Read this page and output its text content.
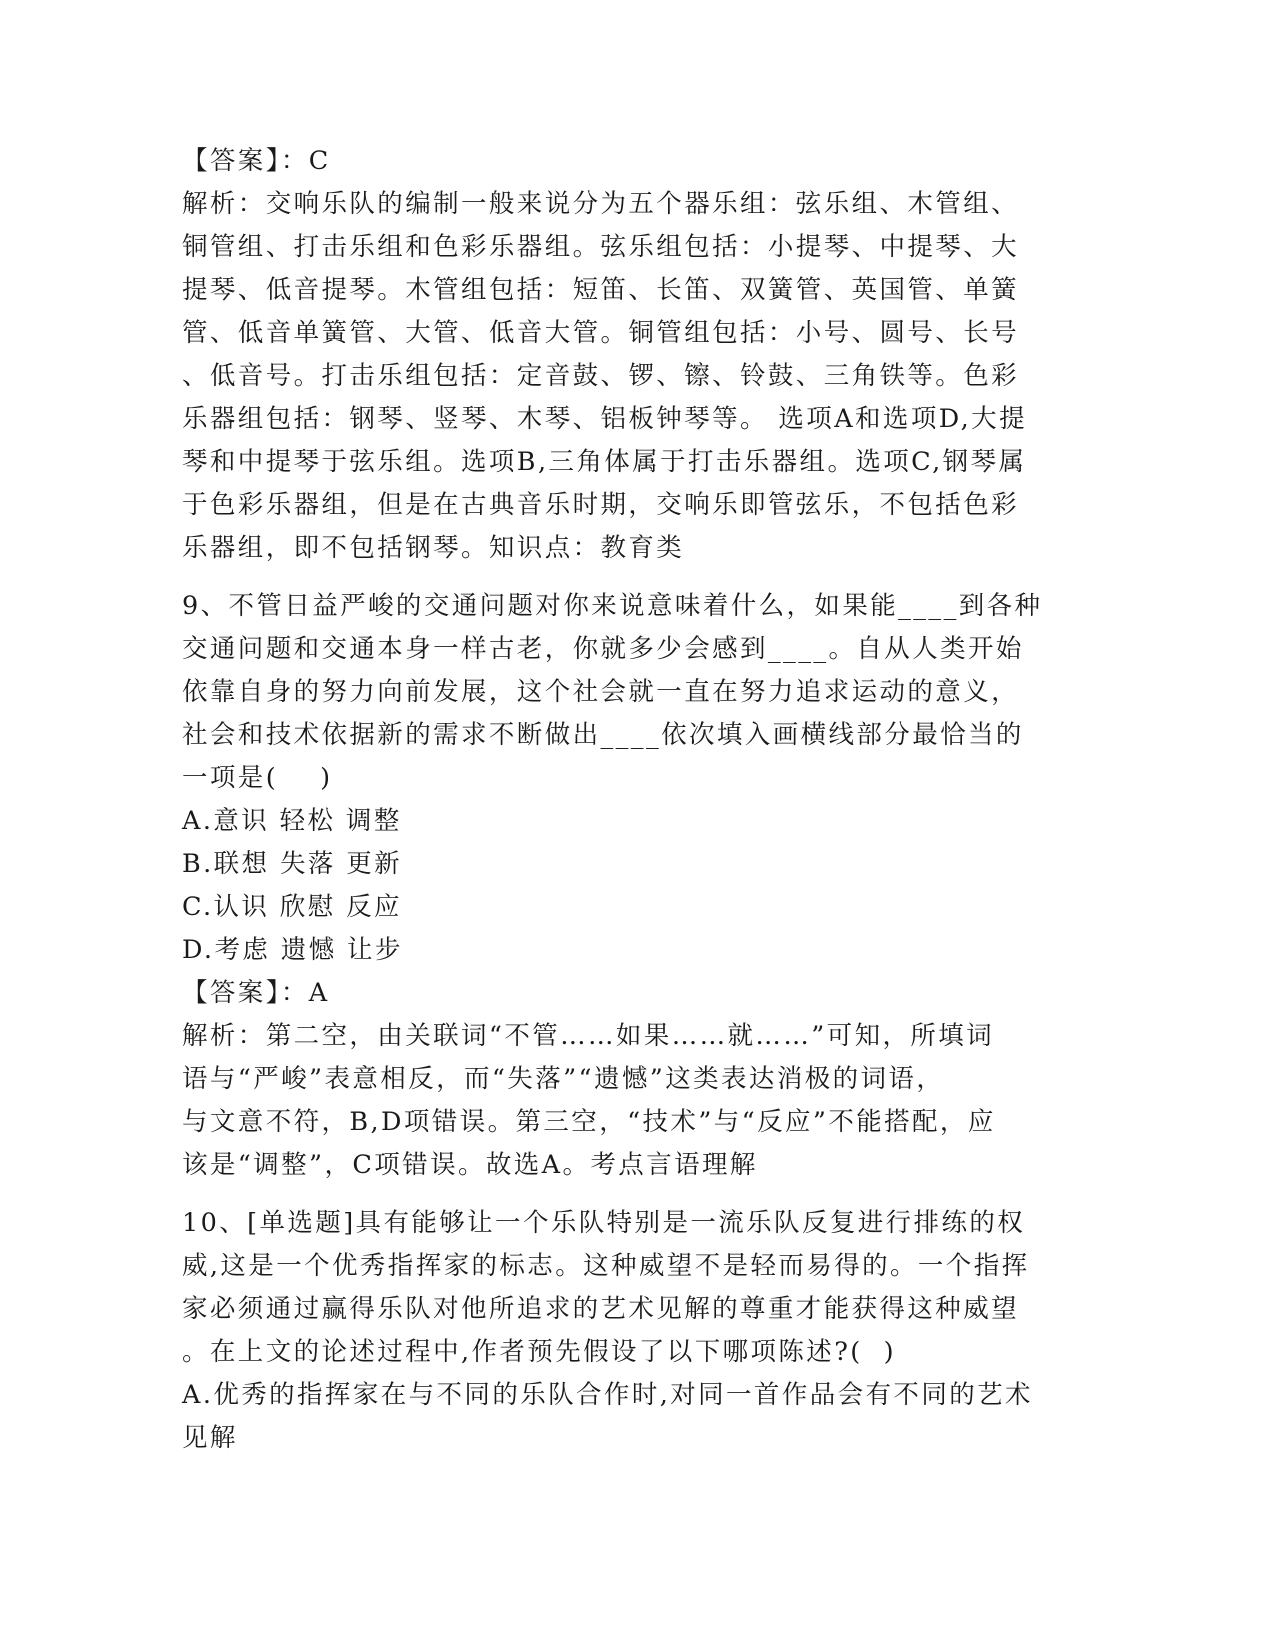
【答案】：C
解析：交响乐队的编制一般来说分为五个器乐组：弦乐组、木管组、
铜管组、打击乐组和色彩乐器组。弦乐组包括：小提琴、中提琴、大
提琴、低音提琴。木管组包括：短笛、长笛、双簧管、英国管、单簧
管、低音单簧管、大管、低音大管。铜管组包括：小号、圆号、长号
、低音号。打击乐组包括：定音鼓、锣、镲、铃鼓、三角铁等。色彩
乐器组包括：钢琴、竖琴、木琴、铝板钟琴等。 选项A和选项D,大提
琴和中提琴于弦乐组。选项B,三角体属于打击乐器组。选项C,钢琴属
于色彩乐器组，但是在古典音乐时期，交响乐即管弦乐，不包括色彩
乐器组，即不包括钢琴。知识点：教育类
9、不管日益严峻的交通问题对你来说意味着什么，如果能____到各种
交通问题和交通本身一样古老，你就多少会感到____。自从人类开始
依靠自身的努力向前发展，这个社会就一直在努力追求运动的意义，
社会和技术依据新的需求不断做出____依次填入画横线部分最恰当的
一项是(    )
A.意识 轻松 调整
B.联想 失落 更新
C.认识 欣慰 反应
D.考虑 遗憾 让步
【答案】：A
解析：第二空，由关联词“不管……如果……就……”可知，所填词
语与“严峻”表意相反，而“失落”“遗憾”这类表达消极的词语，
与文意不符，B,D项错误。第三空，“技术”与“反应”不能搭配，应
该是“调整”，C项错误。故选A。考点言语理解
10、[单选题]具有能够让一个乐队特别是一流乐队反复进行排练的权
威,这是一个优秀指挥家的标志。这种威望不是轻而易得的。一个指挥
家必须通过赢得乐队对他所追求的艺术见解的尊重才能获得这种威望
。在上文的论述过程中,作者预先假设了以下哪项陈述?(  )
A.优秀的指挥家在与不同的乐队合作时,对同一首作品会有不同的艺术
见解
